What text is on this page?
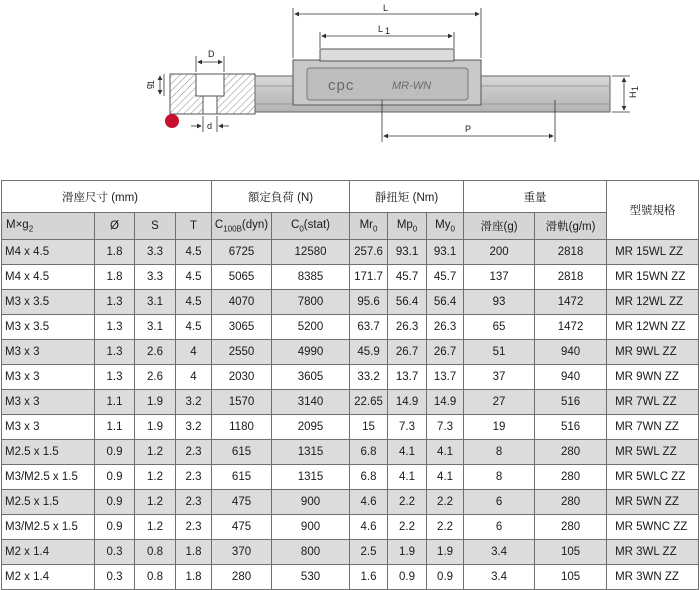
cpc	MR-WN
L
L 1
D
d
g
1
H
1
P
滑座尺寸 (mm)				額定負荷 (N)		靜扭矩 (Nm)			重量		型號規格
$M\times g_2$	Ø	S	T	$C_{100B}(dyn)$	$C_0(stat)$	$Mr_0$	$Mp_0$	$My_0$	滑座(g)	滑軌(g/m)	
M4 x 4.5	1.8	3.3	4.5	6725	12580	257.6	93.1	93.1	200	2818	MR 15WL ZZ
M4 x 4.5	1.8	3.3	4.5	5065	8385	171.7	45.7	45.7	137	2818	MR 15WN ZZ
M3 x 3.5	1.3	3.1	4.5	4070	7800	95.6	56.4	56.4	93	1472	MR 12WL ZZ
M3 x 3.5	1.3	3.1	4.5	3065	5200	63.7	26.3	26.3	65	1472	MR 12WN ZZ
M3 x 3	1.3	2.6	4	2550	4990	45.9	26.7	26.7	51	940	MR 9WL ZZ
M3 x 3	1.3	2.6	4	2030	3605	33.2	13.7	13.7	37	940	MR 9WN ZZ
M3 x 3	1.1	1.9	3.2	1570	3140	22.65	14.9	14.9	27	516	MR 7WL ZZ
M3 x 3	1.1	1.9	3.2	1180	2095	15	7.3	7.3	19	516	MR 7WN ZZ
M2.5 x 1.5	0.9	1.2	2.3	615	1315	6.8	4.1	4.1	8	280	MR 5WL ZZ
M3/M2.5 x 1.5	0.9	1.2	2.3	615	1315	6.8	4.1	4.1	8	280	MR 5WLC ZZ
M2.5 x 1.5	0.9	1.2	2.3	475	900	4.6	2.2	2.2	6	280	MR 5WN ZZ
M3/M2.5 x 1.5	0.9	1.2	2.3	475	900	4.6	2.2	2.2	6	280	MR 5WNC ZZ
M2 x 1.4	0.3	0.8	1.8	370	800	2.5	1.9	1.9	3.4	105	MR 3WL ZZ
M2 x 1.4	0.3	0.8	1.8	280	530	1.6	0.9	0.9	3.4	105	MR 3WN ZZ
